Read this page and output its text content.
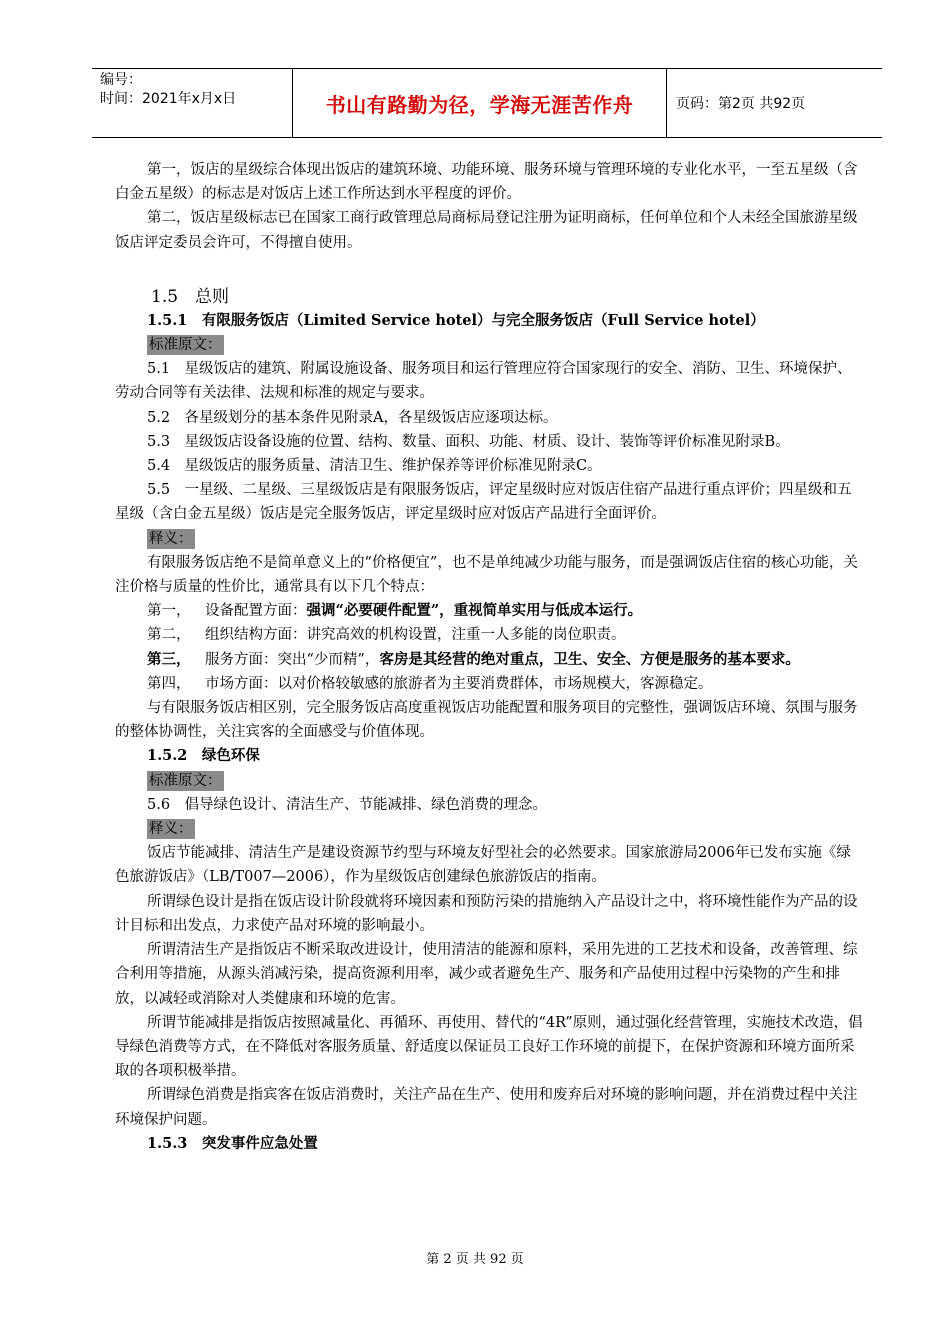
编号：
时间：2021年x月x日	书山有路勤为径，学海无涯苦作舟	页码：第2页 共92页

第一，饭店的星级综合体现出饭店的建筑环境、功能环境、服务环境与管理环境的专业化水平，一至五星级（含白金五星级）的标志是对饭店上述工作所达到水平程度的评价。

第二，饭店星级标志已在国家工商行政管理总局商标局登记注册为证明商标，任何单位和个人未经全国旅游星级饭店评定委员会许可，不得擅自使用。

1.5　总则

1.5.1　有限服务饭店（Limited Service hotel）与完全服务饭店（Full Service hotel）

标准原文：

5.1　星级饭店的建筑、附属设施设备、服务项目和运行管理应符合国家现行的安全、消防、卫生、环境保护、劳动合同等有关法律、法规和标准的规定与要求。

5.2　各星级划分的基本条件见附录A，各星级饭店应逐项达标。

5.3　星级饭店设备设施的位置、结构、数量、面积、功能、材质、设计、装饰等评价标准见附录B。

5.4　星级饭店的服务质量、清洁卫生、维护保养等评价标准见附录C。

5.5　一星级、二星级、三星级饭店是有限服务饭店，评定星级时应对饭店住宿产品进行重点评价；四星级和五星级（含白金五星级）饭店是完全服务饭店，评定星级时应对饭店产品进行全面评价。

释义：

有限服务饭店绝不是简单意义上的“价格便宜”，也不是单纯减少功能与服务，而是强调饭店住宿的核心功能，关注价格与质量的性价比，通常具有以下几个特点：

第一，	设备配置方面：强调“必要硬件配置”，重视简单实用与低成本运行。
第二，	组织结构方面：讲究高效的机构设置，注重一人多能的岗位职责。
第三，	服务方面：突出“少而精”，客房是其经营的绝对重点，卫生、安全、方便是服务的基本要求。
第四，	市场方面：以对价格较敏感的旅游者为主要消费群体，市场规模大，客源稳定。

与有限服务饭店相区别，完全服务饭店高度重视饭店功能配置和服务项目的完整性，强调饭店环境、氛围与服务的整体协调性，关注宾客的全面感受与价值体现。

1.5.2　绿色环保

标准原文：

5.6　倡导绿色设计、清洁生产、节能减排、绿色消费的理念。

释义：

饭店节能减排、清洁生产是建设资源节约型与环境友好型社会的必然要求。国家旅游局2006年已发布实施《绿色旅游饭店》（LB/T007—2006），作为星级饭店创建绿色旅游饭店的指南。

所谓绿色设计是指在饭店设计阶段就将环境因素和预防污染的措施纳入产品设计之中，将环境性能作为产品的设计目标和出发点，力求使产品对环境的影响最小。

所谓清洁生产是指饭店不断采取改进设计，使用清洁的能源和原料，采用先进的工艺技术和设备，改善管理、综合利用等措施，从源头消减污染，提高资源利用率，减少或者避免生产、服务和产品使用过程中污染物的产生和排放，以减轻或消除对人类健康和环境的危害。

所谓节能减排是指饭店按照减量化、再循环、再使用、替代的“4R”原则，通过强化经营管理，实施技术改造，倡导绿色消费等方式，在不降低对客服务质量、舒适度以保证员工良好工作环境的前提下，在保护资源和环境方面所采取的各项积极举措。

所谓绿色消费是指宾客在饭店消费时，关注产品在生产、使用和废弃后对环境的影响问题，并在消费过程中关注环境保护问题。

1.5.3　突发事件应急处置

第 2 页 共 92 页
